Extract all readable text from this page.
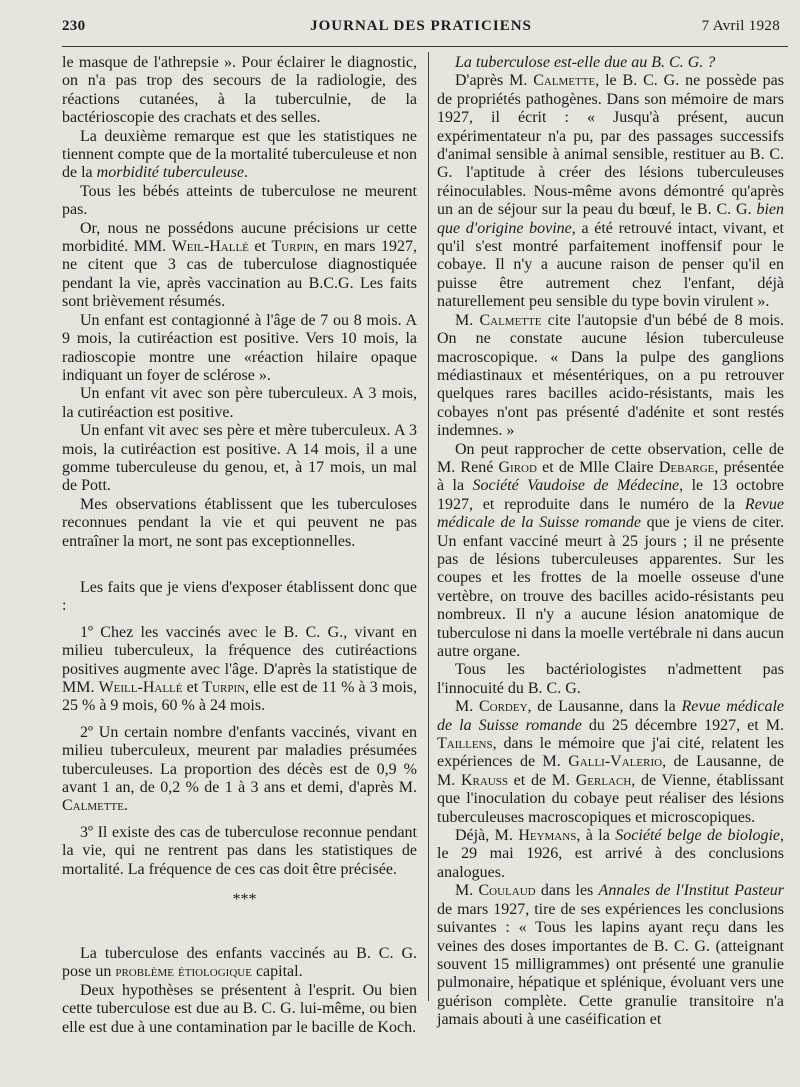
230	JOURNAL DES PRATICIENS	7 Avril 1928

le masque de l'athrepsie ». Pour éclairer le diagnostic, on n'a pas trop des secours de la radiologie, des réactions cutanées, à la tuberculnie, de la bactérioscopie des crachats et des selles.

La deuxième remarque est que les statistiques ne tiennent compte que de la mortalité tuberculeuse et non de la morbidité tuberculeuse.

Tous les bébés atteints de tuberculose ne meurent pas.

Or, nous ne possédons aucune précisions ur cette morbidité. MM. Weil-Hallé et Turpin, en mars 1927, ne citent que 3 cas de tuberculose diagnostiquée pendant la vie, après vaccination au B.C.G. Les faits sont brièvement résumés.

Un enfant est contagionné à l'âge de 7 ou 8 mois. A 9 mois, la cutiréaction est positive. Vers 10 mois, la radioscopie montre une «réaction hilaire opaque indiquant un foyer de sclérose ».

Un enfant vit avec son père tuberculeux. A 3 mois, la cutiréaction est positive.

Un enfant vit avec ses père et mère tuberculeux. A 3 mois, la cutiréaction est positive. A 14 mois, il a une gomme tuberculeuse du genou, et, à 17 mois, un mal de Pott.

Mes observations établissent que les tuberculoses reconnues pendant la vie et qui peuvent ne pas entraîner la mort, ne sont pas exceptionnelles.

Les faits que je viens d'exposer établissent donc que :

1º Chez les vaccinés avec le B. C. G., vivant en milieu tuberculeux, la fréquence des cutiréactions positives augmente avec l'âge. D'après la statistique de MM. Weill-Hallé et Turpin, elle est de 11 % à 3 mois, 25 % à 9 mois, 60 % à 24 mois.

2º Un certain nombre d'enfants vaccinés, vivant en milieu tuberculeux, meurent par maladies présumées tuberculeuses. La proportion des décès est de 0,9 % avant 1 an, de 0,2 % de 1 à 3 ans et demi, d'après M. Calmette.

3º Il existe des cas de tuberculose reconnue pendant la vie, qui ne rentrent pas dans les statistiques de mortalité. La fréquence de ces cas doit être précisée.

***

La tuberculose des enfants vaccinés au B. C. G. pose un problème étiologique capital.

Deux hypothèses se présentent à l'esprit. Ou bien cette tuberculose est due au B. C. G. lui-même, ou bien elle est due à une contamination par le bacille de Koch.

La tuberculose est-elle due au B. C. G. ?

D'après M. Calmette, le B. C. G. ne possède pas de propriétés pathogènes. Dans son mémoire de mars 1927, il écrit : « Jusqu'à présent, aucun expérimentateur n'a pu, par des passages successifs d'animal sensible à animal sensible, restituer au B. C. G. l'aptitude à créer des lésions tuberculeuses réinoculables. Nous-même avons démontré qu'après un an de séjour sur la peau du bœuf, le B. C. G. bien que d'origine bovine, a été retrouvé intact, vivant, et qu'il s'est montré parfaitement inoffensif pour le cobaye. Il n'y a aucune raison de penser qu'il en puisse être autrement chez l'enfant, déjà naturellement peu sensible du type bovin virulent ».

M. Calmette cite l'autopsie d'un bébé de 8 mois. On ne constate aucune lésion tuberculeuse macroscopique. « Dans la pulpe des ganglions médiastinaux et mésentériques, on a pu retrouver quelques rares bacilles acido-résistants, mais les cobayes n'ont pas présenté d'adénite et sont restés indemnes. »

On peut rapprocher de cette observation, celle de M. René Girod et de Mlle Claire Debarge, présentée à la Société Vaudoise de Médecine, le 13 octobre 1927, et reproduite dans le numéro de la Revue médicale de la Suisse romande que je viens de citer. Un enfant vacciné meurt à 25 jours ; il ne présente pas de lésions tuberculeuses apparentes. Sur les coupes et les frottes de la moelle osseuse d'une vertèbre, on trouve des bacilles acido-résistants peu nombreux. Il n'y a aucune lésion anatomique de tuberculose ni dans la moelle vertébrale ni dans aucun autre organe.

Tous les bactériologistes n'admettent pas l'innocuité du B. C. G.

M. Cordey, de Lausanne, dans la Revue médicale de la Suisse romande du 25 décembre 1927, et M. Taillens, dans le mémoire que j'ai cité, relatent les expériences de M. Galli-Valerio, de Lausanne, de M. Krauss et de M. Gerlach, de Vienne, établissant que l'inoculation du cobaye peut réaliser des lésions tuberculeuses macroscopiques et microscopiques.

Déjà, M. Heymans, à la Société belge de biologie, le 29 mai 1926, est arrivé à des conclusions analogues.

M. Coulaud dans les Annales de l'Institut Pasteur de mars 1927, tire de ses expériences les conclusions suivantes : « Tous les lapins ayant reçu dans les veines des doses importantes de B. C. G. (atteignant souvent 15 milligrammes) ont présenté une granulie pulmonaire, hépatique et splénique, évoluant vers une guérison complète. Cette granulie transitoire n'a jamais abouti à une caséification et
